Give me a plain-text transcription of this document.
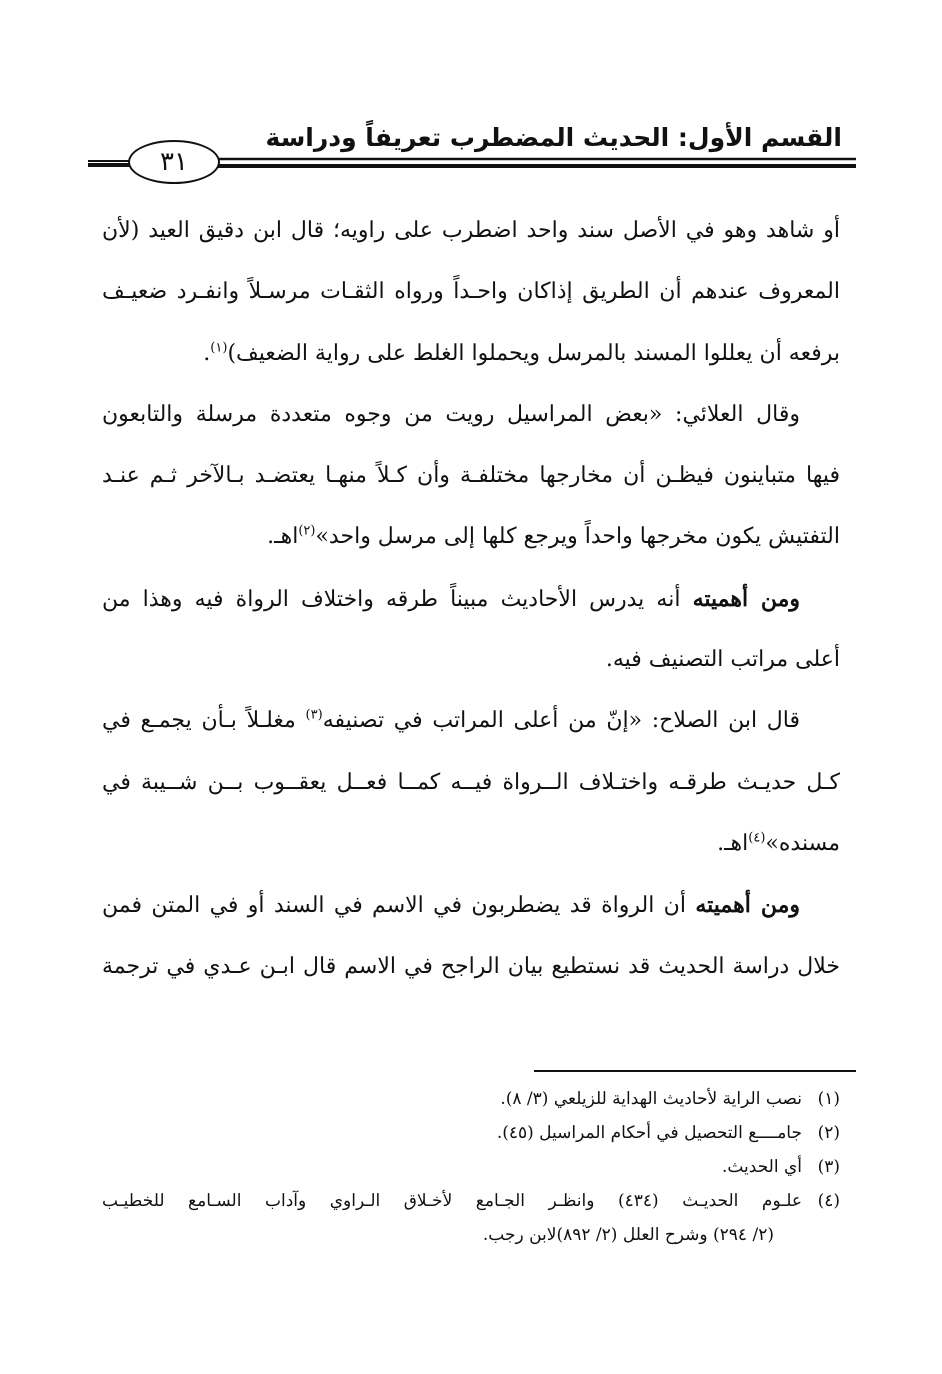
القسم الأول: الحديث المضطرب تعريفاً ودراسة
٣١
أو شاهد وهو في الأصل سند واحد اضطرب على راويه؛ قال ابن دقيق العيد (لأن
المعروف عندهم أن الطريق إذاكان واحـداً ورواه الثقـات مرسـلاً وانفـرد ضعيـف
برفعه أن يعللوا المسند بالمرسل ويحملوا الغلط على رواية الضعيف)$^{(١)}$.
وقال العلائي: «بعض المراسيل رويت من وجوه متعددة مرسلة والتابعون
فيها متباينون فيظـن أن مخارجها مختلفـة وأن كـلاً منهـا يعتضـد بـالآخر ثـم عنـد
التفتيش يكون مخرجها واحداً ويرجع كلها إلى مرسل واحد»$^{(٢)}$اهـ.
ومن أهميته أنه يدرس الأحاديث مبيناً طرقه واختلاف الرواة فيه وهذا من
أعلى مراتب التصنيف فيه.
قال ابن الصلاح: «إنّ من أعلى المراتب في تصنيفه$^{(٣)}$ مغلـلاً بـأن يجمـع في
كـل حديـث طرقـه واختـلاف الــرواة فيــه كمــا فعــل يعقــوب بــن شــيبة في
مسنده»$^{(٤)}$اهـ.
ومن أهميته أن الرواة قد يضطربون في الاسم في السند أو في المتن فمن
خلال دراسة الحديث قد نستطيع بيان الراجح في الاسم قال ابـن عـدي في ترجمة
(١)
نصب الراية لأحاديث الهداية للزيلعي (٣/ ٨).
(٢)
جامــــع التحصيل في أحكام المراسيل (٤٥).
(٣)
أي الحديث.
(٤)
علـوم الحديـث (٤٣٤) وانظـر الجـامع لأخـلاق الـراوي وآداب السـامع للخطيـب
(٢/ ٢٩٤) وشرح العلل (٢/ ٨٩٢)لابن رجب.
